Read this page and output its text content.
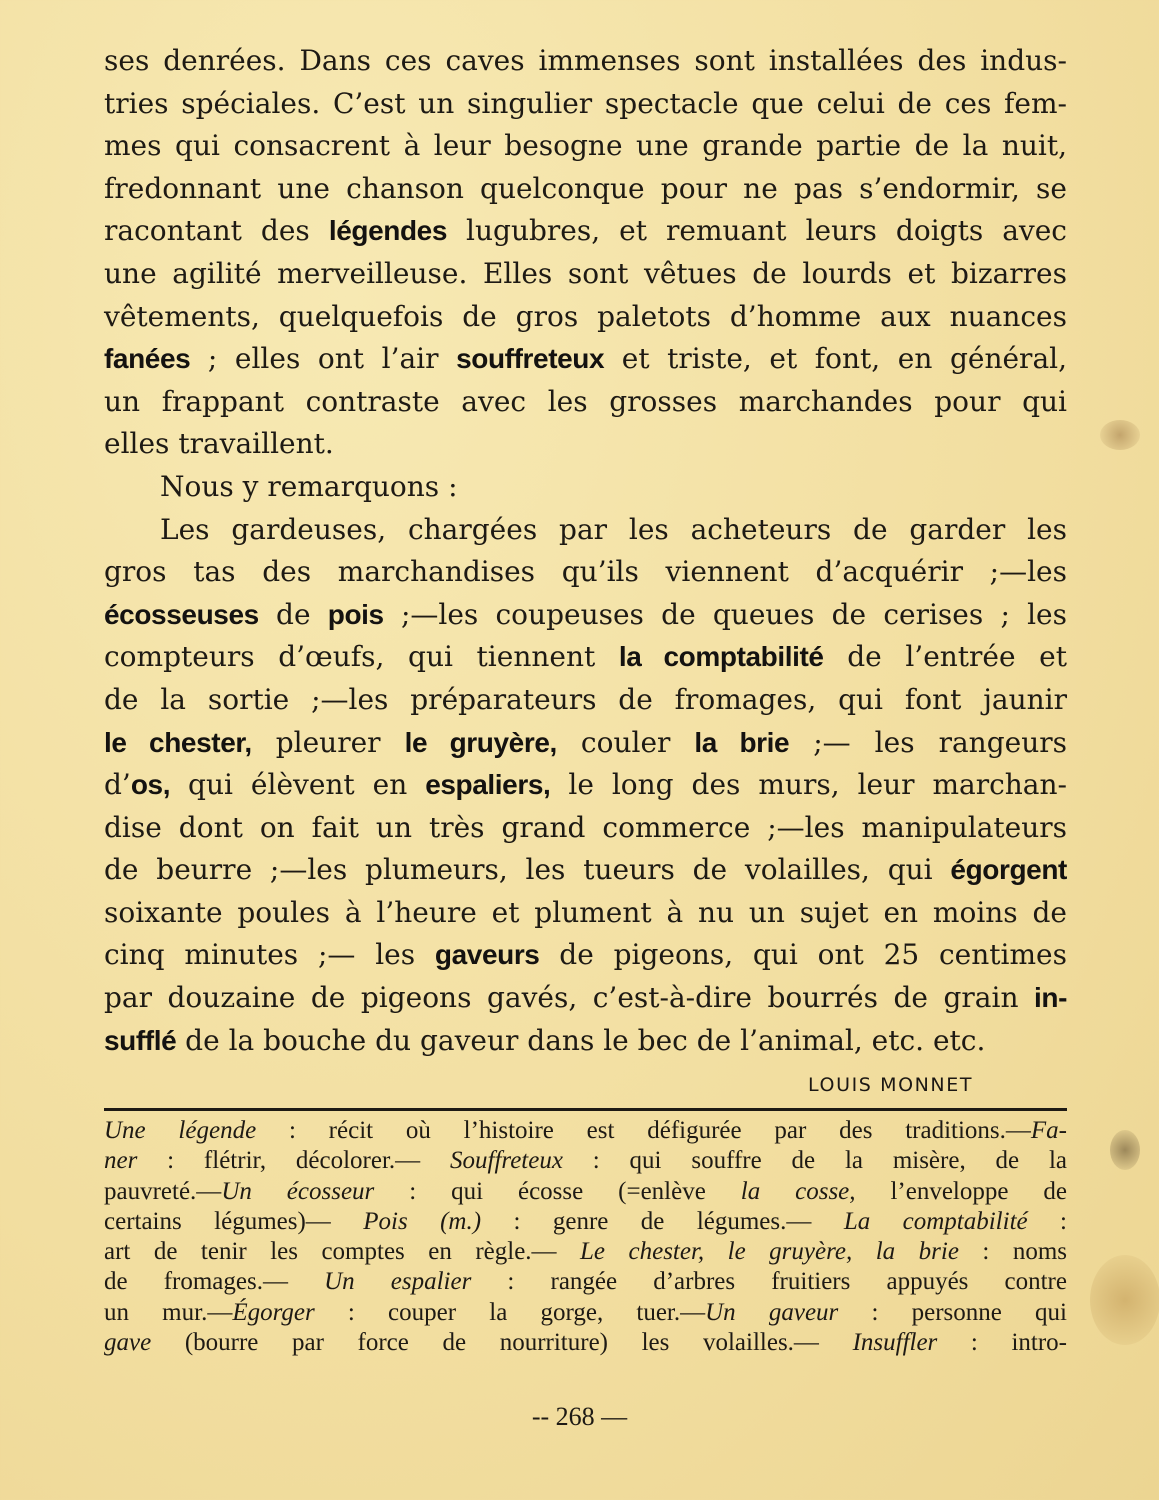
ses denrées. Dans ces caves immenses sont installées des indus-
tries spéciales. C’est un singulier spectacle que celui de ces fem-
mes qui consacrent à leur besogne une grande partie de la nuit,
fredonnant une chanson quelconque pour ne pas s’endormir, se
racontant des légendes lugubres, et remuant leurs doigts avec
une agilité merveilleuse. Elles sont vêtues de lourds et bizarres
vêtements, quelquefois de gros paletots d’homme aux nuances
fanées ; elles ont l’air souffreteux et triste, et font, en général,
un frappant contraste avec les grosses marchandes pour qui
elles travaillent.
Nous y remarquons :
Les gardeuses, chargées par les acheteurs de garder les
gros tas des marchandises qu’ils viennent d’acquérir ;—les
écosseuses de pois ;—les coupeuses de queues de cerises ; les
compteurs d’œufs, qui tiennent la comptabilité de l’entrée et
de la sortie ;—les préparateurs de fromages, qui font jaunir
le chester, pleurer le gruyère, couler la brie ;— les rangeurs
d’os, qui élèvent en espaliers, le long des murs, leur marchan-
dise dont on fait un très grand commerce ;—les manipulateurs
de beurre ;—les plumeurs, les tueurs de volailles, qui égorgent
soixante poules à l’heure et plument à nu un sujet en moins de
cinq minutes ;— les gaveurs de pigeons, qui ont 25 centimes
par douzaine de pigeons gavés, c’est-à-dire bourrés de grain in-
sufflé de la bouche du gaveur dans le bec de l’animal, etc. etc.
LOUIS MONNET
Une légende : récit où l’histoire est défigurée par des traditions.—Fa-
ner : flétrir, décolorer.— Souffreteux : qui souffre de la misère, de la
pauvreté.—Un écosseur : qui écosse (=enlève la cosse, l’enveloppe de
certains légumes)— Pois (m.) : genre de légumes.— La comptabilité :
art de tenir les comptes en règle.— Le chester, le gruyère, la brie : noms
de fromages.— Un espalier : rangée d’arbres fruitiers appuyés contre
un mur.—Égorger : couper la gorge, tuer.—Un gaveur : personne qui
gave (bourre par force de nourriture) les volailles.— Insuffler : intro-
-- 268 —
